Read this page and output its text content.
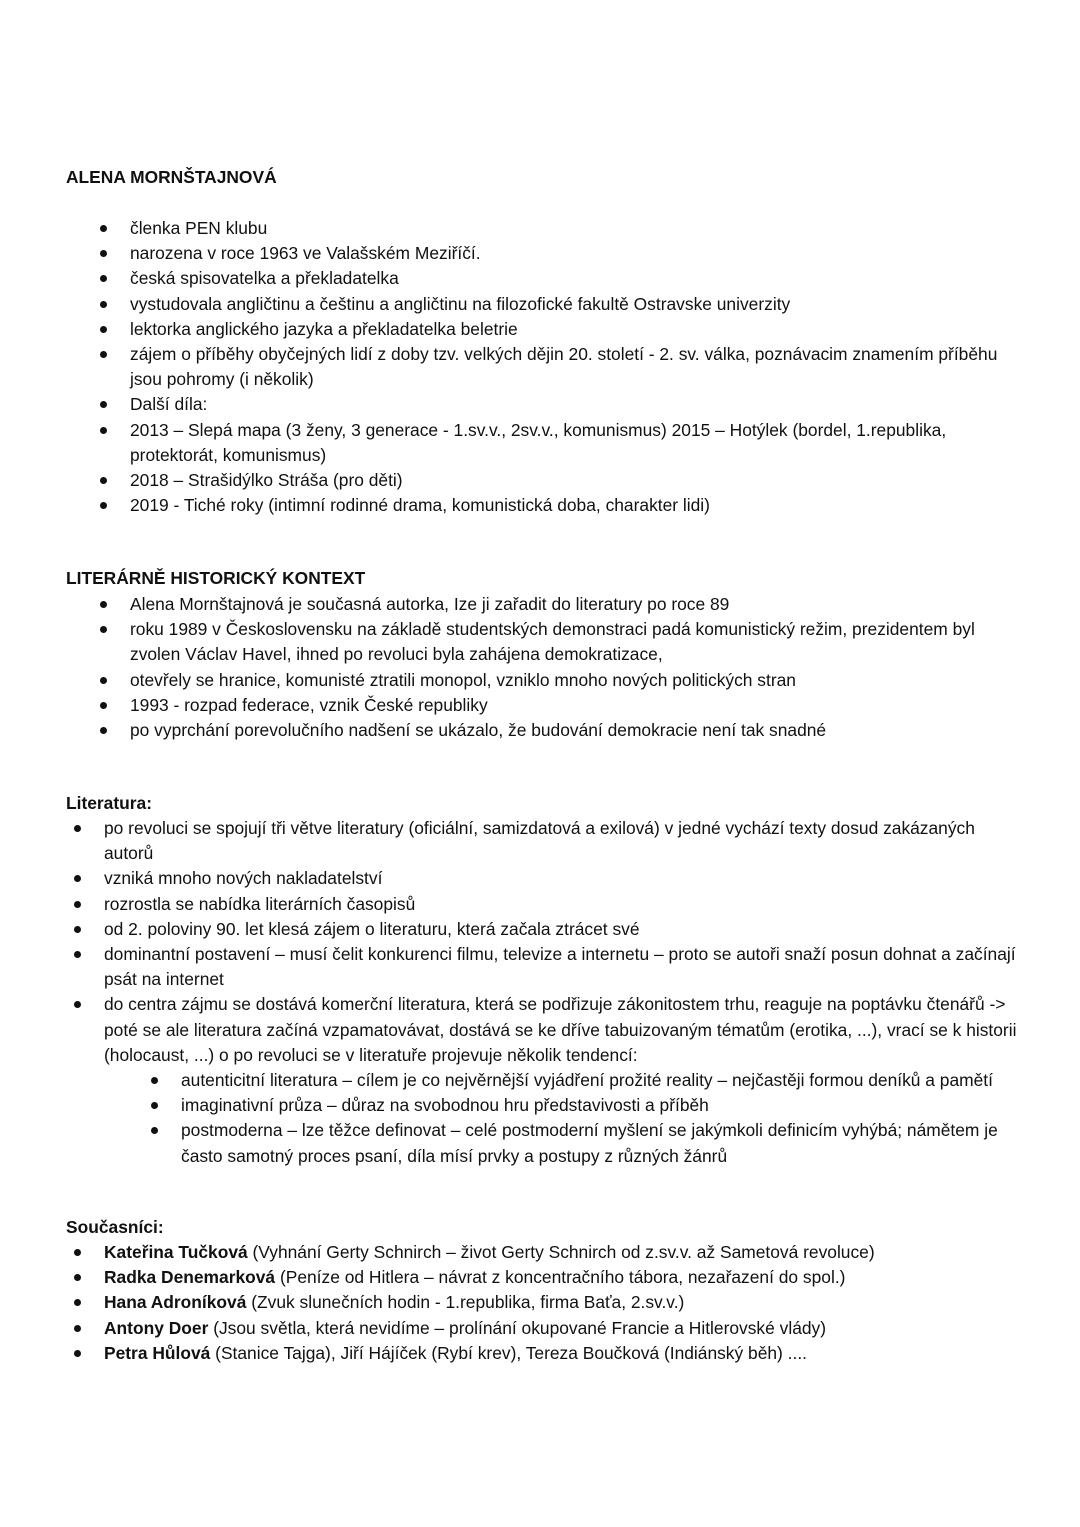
ALENA MORNŠTAJNOVÁ
členka PEN klubu
narozena v roce 1963 ve Valašském Meziříčí.
česká spisovatelka a překladatelka
vystudovala angličtinu a češtinu a angličtinu na filozofické fakultě Ostravske univerzity
lektorka anglického jazyka a překladatelka beletrie
zájem o příběhy obyčejných lidí z doby tzv. velkých dějin 20. století - 2. sv. válka, poznávacim znamením příběhu jsou pohromy (i několik)
Další díla:
2013 – Slepá mapa (3 ženy, 3 generace - 1.sv.v., 2sv.v., komunismus) 2015 – Hotýlek (bordel, 1.republika, protektorát, komunismus)
2018 – Strašidýlko Stráša (pro děti)
2019 - Tiché roky (intimní rodinné drama, komunistická doba, charakter lidi)
LITERÁRNĚ HISTORICKÝ KONTEXT
Alena Mornštajnová je současná autorka, Ize ji zařadit do literatury po roce 89
roku 1989 v Československu na základě studentských demonstraci padá komunistický režim, prezidentem byl zvolen Václav Havel, ihned po revoluci byla zahájena demokratizace,
otevřely se hranice, komunisté ztratili monopol, vzniklo mnoho nových politických stran
1993 - rozpad federace, vznik České republiky
po vyprchání porevolučního nadšení se ukázalo, že budování demokracie není tak snadné
Literatura:
po revoluci se spojují tři větve literatury (oficiální, samizdatová a exilová) v jedné vychází texty dosud zakázaných autorů
vzniká mnoho nových nakladatelství
rozrostla se nabídka literárních časopisů
od 2. poloviny 90. let klesá zájem o literaturu, která začala ztrácet své
dominantní postavení – musí čelit konkurenci filmu, televize a internetu – proto se autoři snaží posun dohnat a začínají psát na internet
do centra zájmu se dostává komerční literatura, která se podřizuje zákonitostem trhu, reaguje na poptávku čtenářů -> poté se ale literatura začíná vzpamatovávat, dostává se ke dříve tabuizovaným tématům (erotika, ...), vrací se k historii (holocaust, ...) o po revoluci se v literatuře projevuje několik tendencí:
autenticitní literatura – cílem je co nejvěrnější vyjádření prožité reality – nejčastěji formou deníků a pamětí
imaginativní průza – důraz na svobodnou hru představivosti a příběh
postmoderna – lze těžce definovat – celé postmoderní myšlení se jakýmkoli definicím vyhýbá; námětem je často samotný proces psaní, díla mísí prvky a postupy z různých žánrů
Současníci:
Kateřina Tučková (Vyhnání Gerty Schnirch – život Gerty Schnirch od z.sv.v. až Sametová revoluce)
Radka Denemarková (Peníze od Hitlera – návrat z koncentračního tábora, nezařazení do spol.)
Hana Adroníková (Zvuk slunečních hodin - 1.republika, firma Baťa, 2.sv.v.)
Antony Doer (Jsou světla, která nevidíme – prolínání okupované Francie a Hitlerovské vlády)
Petra Hůlová (Stanice Tajga), Jiří Hájíček (Rybí krev), Tereza Boučková (Indiánský běh) ....
